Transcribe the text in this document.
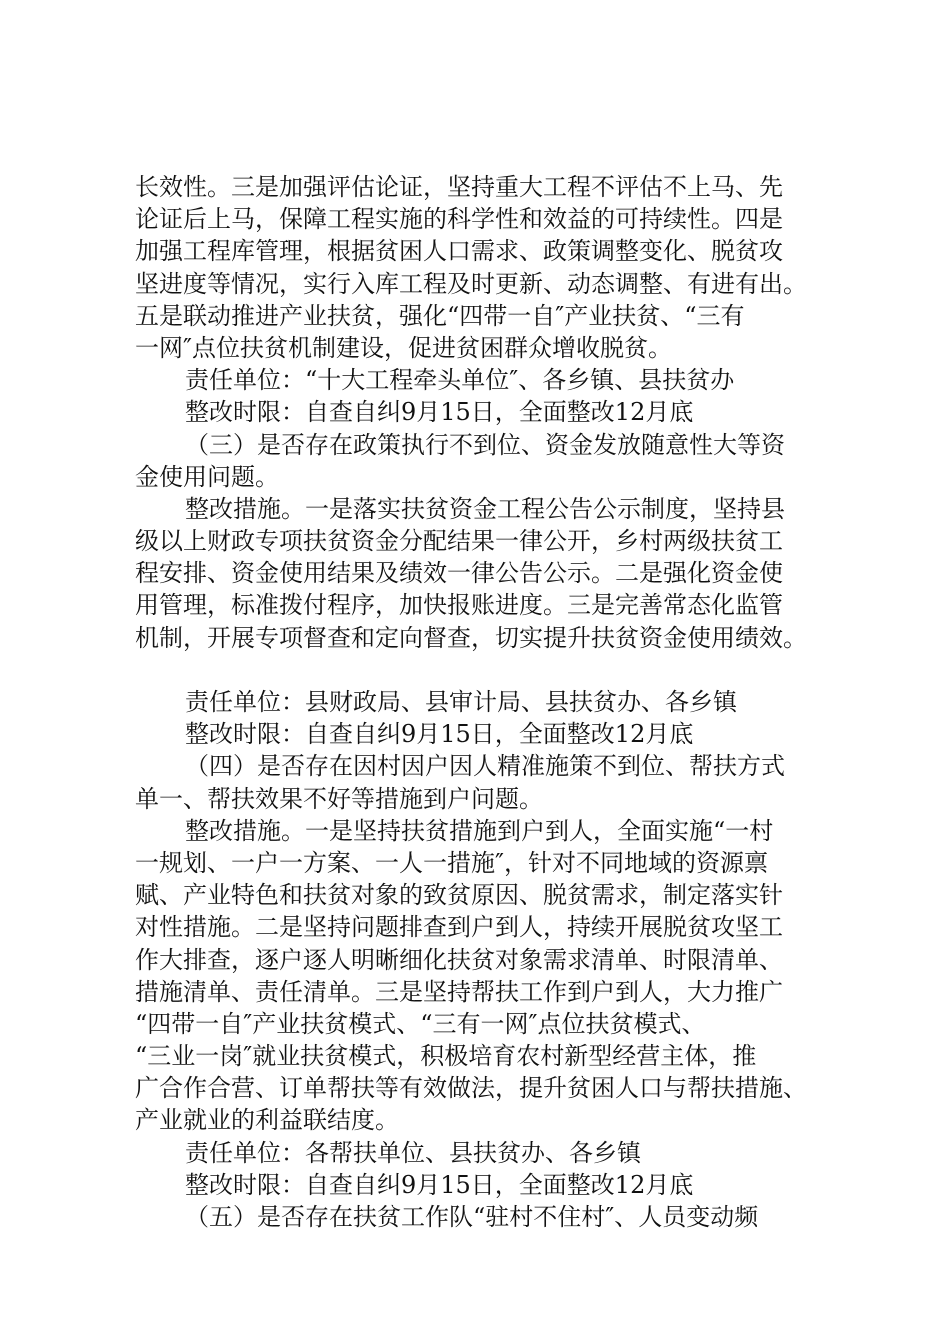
长效性。三是加强评估论证，坚持重大工程不评估不上马、先
论证后上马，保障工程实施的科学性和效益的可持续性。四是
加强工程库管理，根据贫困人口需求、政策调整变化、脱贫攻
坚进度等情况，实行入库工程及时更新、动态调整、有进有出。
五是联动推进产业扶贫，强化“四带一自″产业扶贫、“三有
一网″点位扶贫机制建设，促进贫困群众增收脱贫。
责任单位：“十大工程牵头单位″、各乡镇、县扶贫办
整改时限：自查自纠9月15日，全面整改12月底
（三）是否存在政策执行不到位、资金发放随意性大等资
金使用问题。
整改措施。一是落实扶贫资金工程公告公示制度，坚持县
级以上财政专项扶贫资金分配结果一律公开，乡村两级扶贫工
程安排、资金使用结果及绩效一律公告公示。二是强化资金使
用管理，标准拨付程序，加快报账进度。三是完善常态化监管
机制，开展专项督查和定向督查，切实提升扶贫资金使用绩效。
责任单位：县财政局、县审计局、县扶贫办、各乡镇
整改时限：自查自纠9月15日，全面整改12月底
（四）是否存在因村因户因人精准施策不到位、帮扶方式
单一、帮扶效果不好等措施到户问题。
整改措施。一是坚持扶贫措施到户到人，全面实施“一村
一规划、一户一方案、一人一措施″，针对不同地域的资源禀
赋、产业特色和扶贫对象的致贫原因、脱贫需求，制定落实针
对性措施。二是坚持问题排查到户到人，持续开展脱贫攻坚工
作大排查，逐户逐人明晰细化扶贫对象需求清单、时限清单、
措施清单、责任清单。三是坚持帮扶工作到户到人，大力推广
“四带一自″产业扶贫模式、“三有一网″点位扶贫模式、
“三业一岗″就业扶贫模式，积极培育农村新型经营主体，推
广合作合营、订单帮扶等有效做法，提升贫困人口与帮扶措施、
产业就业的利益联结度。
责任单位：各帮扶单位、县扶贫办、各乡镇
整改时限：自查自纠9月15日，全面整改12月底
（五）是否存在扶贫工作队“驻村不住村″、人员变动频
